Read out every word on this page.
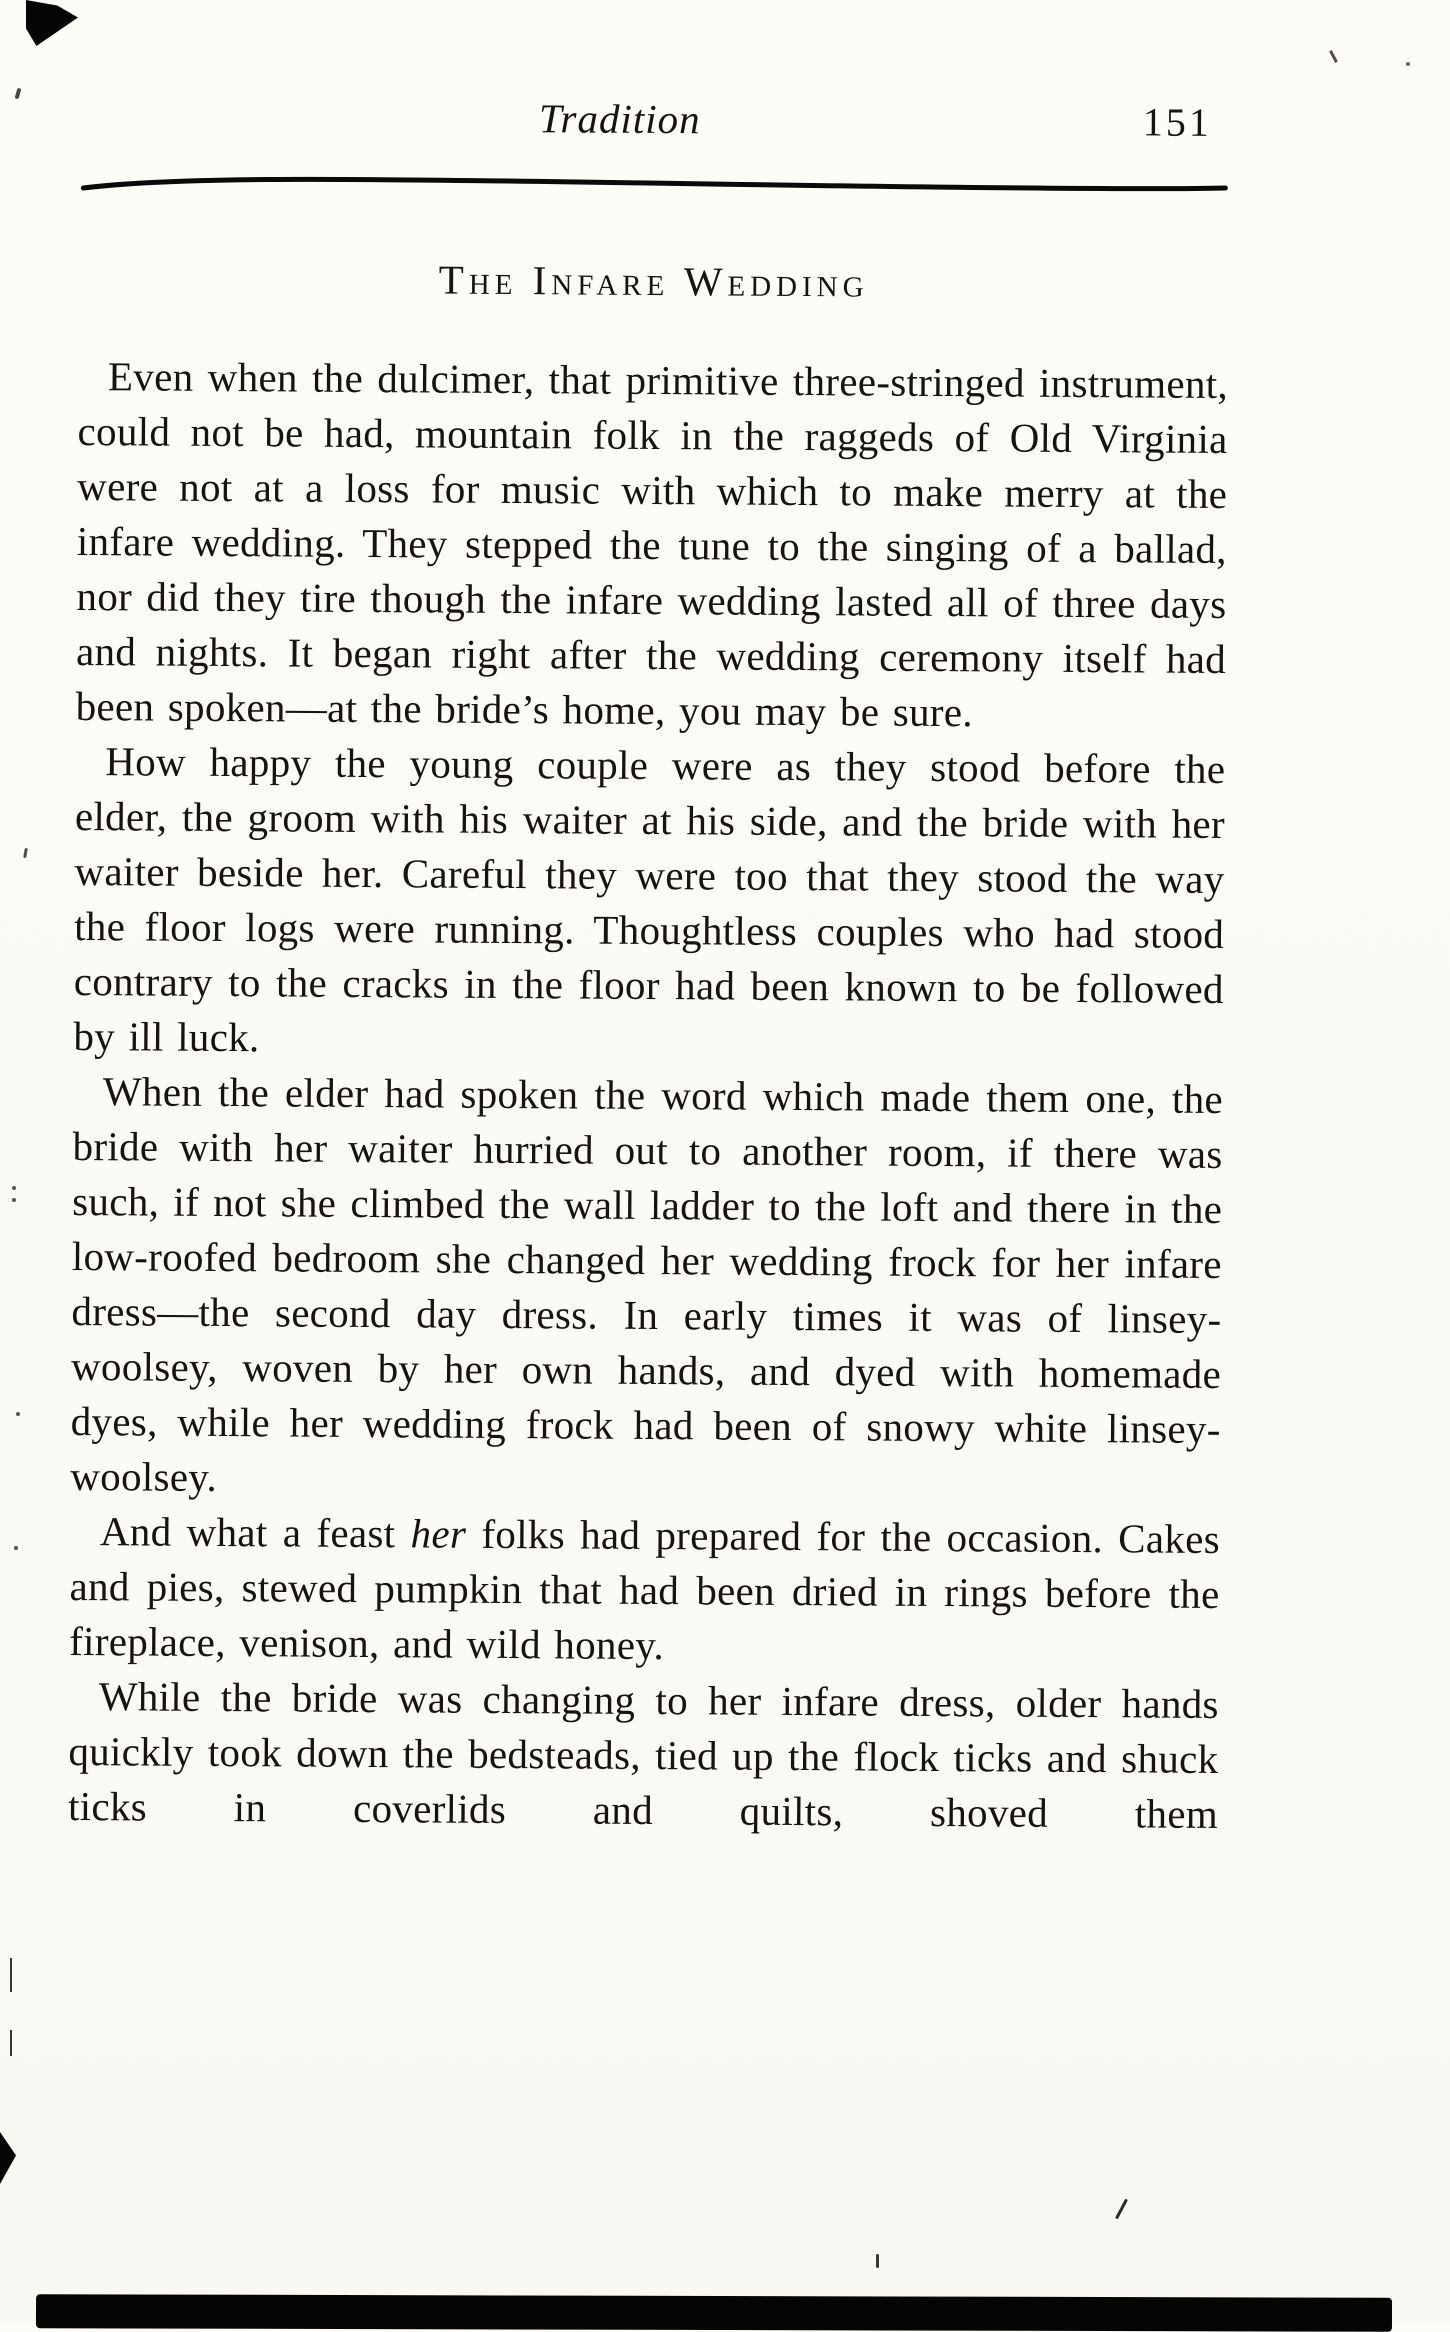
Tradition	151
The Infare Wedding

Even when the dulcimer, that primitive three-stringed instrument, could not be had, mountain folk in the raggeds of Old Virginia were not at a loss for music with which to make merry at the infare wedding. They stepped the tune to the singing of a ballad, nor did they tire though the infare wedding lasted all of three days and nights. It began right after the wedding ceremony itself had been spoken—at the bride’s home, you may be sure.

How happy the young couple were as they stood before the elder, the groom with his waiter at his side, and the bride with her waiter beside her. Careful they were too that they stood the way the floor logs were running. Thoughtless couples who had stood contrary to the cracks in the floor had been known to be followed by ill luck.

When the elder had spoken the word which made them one, the bride with her waiter hurried out to another room, if there was such, if not she climbed the wall ladder to the loft and there in the low-roofed bedroom she changed her wedding frock for her infare dress—the second day dress. In early times it was of linsey-woolsey, woven by her own hands, and dyed with homemade dyes, while her wedding frock had been of snowy white linsey-woolsey.

And what a feast her folks had prepared for the occasion. Cakes and pies, stewed pumpkin that had been dried in rings before the fireplace, venison, and wild honey.

While the bride was changing to her infare dress, older hands quickly took down the bedsteads, tied up the flock ticks and shuck ticks in coverlids and quilts, shoved them
